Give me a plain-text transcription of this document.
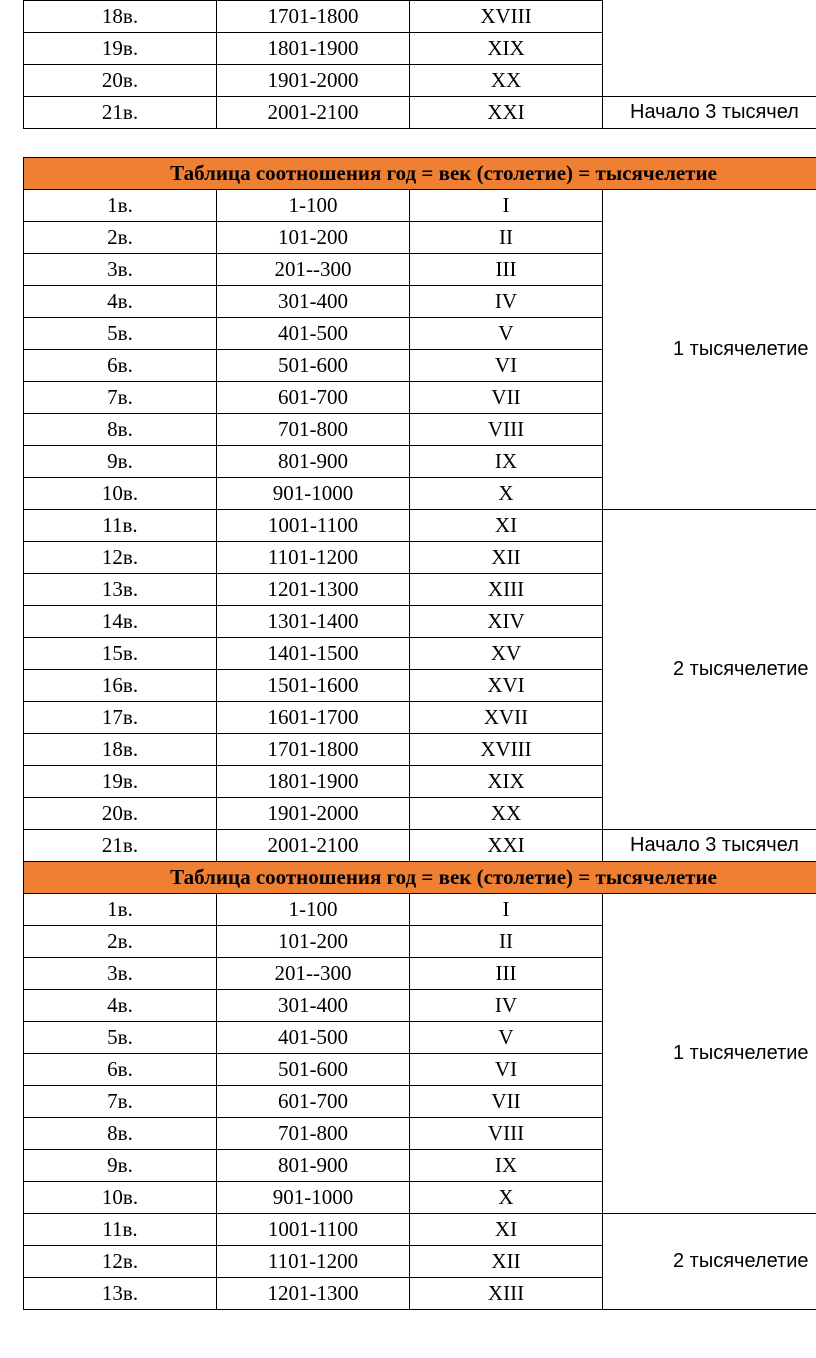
18в.	1701-1800	XVIII	
19в.	1801-1900	XIX	
20в.	1901-2000	XX	
21в.	2001-2100	XXI	Начало 3 тысячел
Таблица соотношения год = век (столетие) = тысячелетие			
1в.	1-100	I	1 тысячелетие
2в.	101-200	II	
3в.	201--300	III	
4в.	301-400	IV	
5в.	401-500	V	
6в.	501-600	VI	
7в.	601-700	VII	
8в.	701-800	VIII	
9в.	801-900	IX	
10в.	901-1000	X	
11в.	1001-1100	XI	2 тысячелетие
12в.	1101-1200	XII	
13в.	1201-1300	XIII	
14в.	1301-1400	XIV	
15в.	1401-1500	XV	
16в.	1501-1600	XVI	
17в.	1601-1700	XVII	
18в.	1701-1800	XVIII	
19в.	1801-1900	XIX	
20в.	1901-2000	XX	
21в.	2001-2100	XXI	Начало 3 тысячел
Таблица соотношения год = век (столетие) = тысячелетие			
1в.	1-100	I	1 тысячелетие
2в.	101-200	II	
3в.	201--300	III	
4в.	301-400	IV	
5в.	401-500	V	
6в.	501-600	VI	
7в.	601-700	VII	
8в.	701-800	VIII	
9в.	801-900	IX	
10в.	901-1000	X	
11в.	1001-1100	XI	2 тысячелетие
12в.	1101-1200	XII	
13в.	1201-1300	XIII	
